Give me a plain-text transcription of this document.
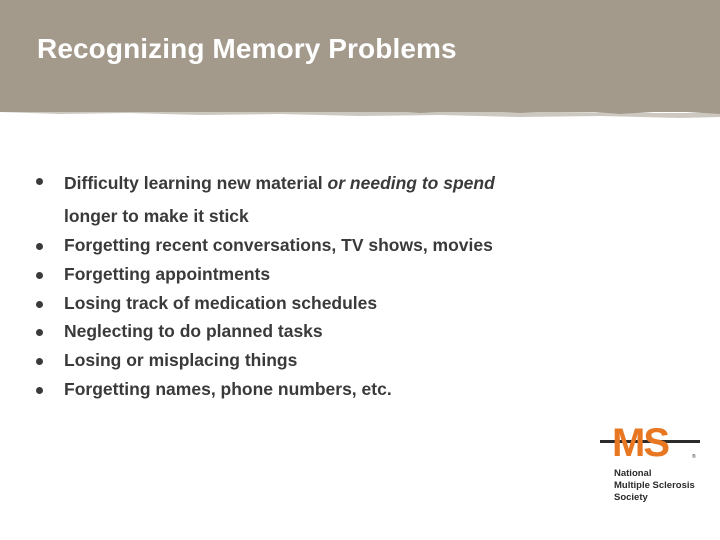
Recognizing Memory Problems
Difficulty learning new material or needing to spend
longer to make it stick
Forgetting recent conversations, TV shows, movies
Forgetting appointments
Losing track of medication schedules
Neglecting to do planned tasks
Losing or misplacing things
Forgetting names, phone numbers, etc.
MS	®
National
Multiple Sclerosis
Society
